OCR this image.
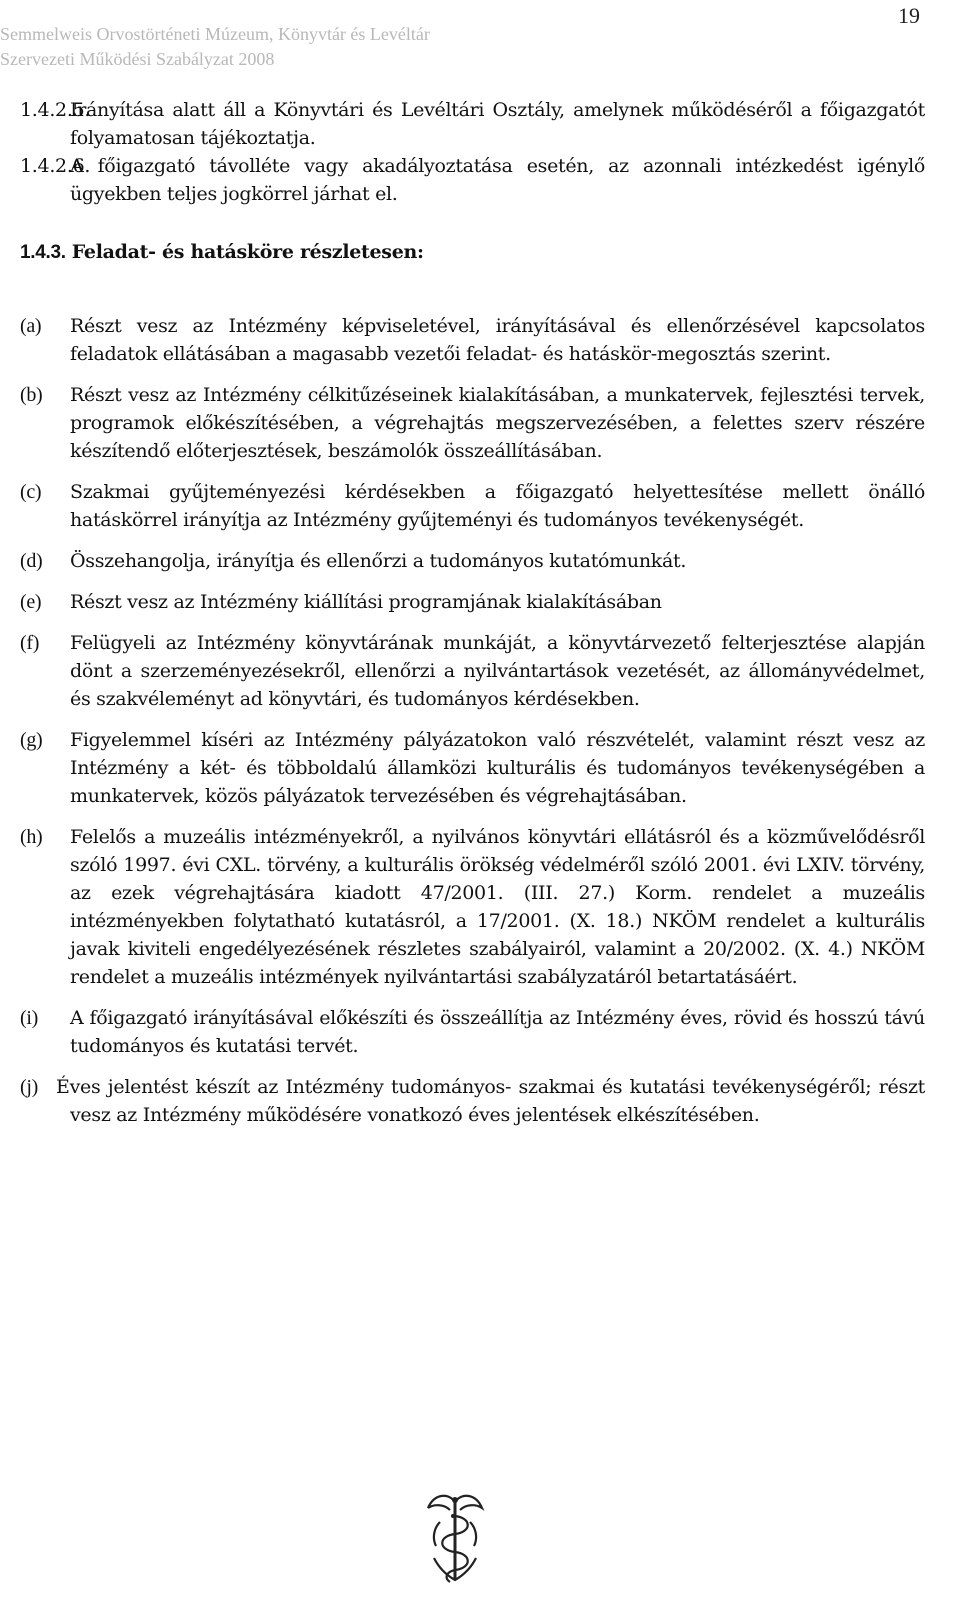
19
Semmelweis Orvostörténeti Múzeum, Könyvtár és Levéltár
Szervezeti Működési Szabályzat 2008
1.4.2.5.
Irányítása alatt áll a Könyvtári és Levéltári Osztály, amelynek működéséről a főigazgatót folyamatosan tájékoztatja.
1.4.2.6.
A főigazgató távolléte vagy akadályoztatása esetén, az azonnali intézkedést igénylő ügyekben teljes jogkörrel járhat el.
1.4.3. Feladat- és hatásköre részletesen:
(a)	Részt vesz az Intézmény képviseletével, irányításával és ellenőrzésével kapcsolatos feladatok ellátásában a magasabb vezetői feladat- és hatáskör-megosztás szerint.
(b)	Részt vesz az Intézmény célkitűzéseinek kialakításában, a munkatervek, fejlesztési tervek, programok előkészítésében, a végrehajtás megszervezésében, a felettes szerv részére készítendő előterjesztések, beszámolók összeállításában.
(c)	Szakmai gyűjteményezési kérdésekben a főigazgató helyettesítése mellett önálló hatáskörrel irányítja az Intézmény gyűjteményi és tudományos tevékenységét.
(d)	Összehangolja, irányítja és ellenőrzi a tudományos kutatómunkát.
(e)	Részt vesz az Intézmény kiállítási programjának kialakításában
(f)	Felügyeli az Intézmény könyvtárának munkáját, a könyvtárvezető felterjesztése alapján dönt a szerzeményezésekről, ellenőrzi a nyilvántartások vezetését, az állományvédelmet, és szakvéleményt ad könyvtári, és tudományos kérdésekben.
(g)	Figyelemmel kíséri az Intézmény pályázatokon való részvételét, valamint részt vesz az Intézmény a két- és többoldalú államközi kulturális és tudományos tevékenységében a munkatervek, közös pályázatok tervezésében és végrehajtásában.
(h)	Felelős a muzeális intézményekről, a nyilvános könyvtári ellátásról és a közművelődésről szóló 1997. évi CXL. törvény, a kulturális örökség védelméről szóló 2001. évi LXIV. törvény, az ezek végrehajtására kiadott 47/2001. (III. 27.) Korm. rendelet a muzeális intézményekben folytatható kutatásról, a 17/2001. (X. 18.) NKÖM rendelet a kulturális javak kiviteli engedélyezésének részletes szabályairól, valamint a 20/2002. (X. 4.) NKÖM rendelet a muzeális intézmények nyilvántartási szabályzatáról betartatásáért.
(i)	A főigazgató irányításával előkészíti és összeállítja az Intézmény éves, rövid és hosszú távú tudományos és kutatási tervét.
(j) Éves jelentést készít az Intézmény tudományos- szakmai és kutatási tevékenységéről; részt vesz az Intézmény működésére vonatkozó éves jelentések elkészítésében.
